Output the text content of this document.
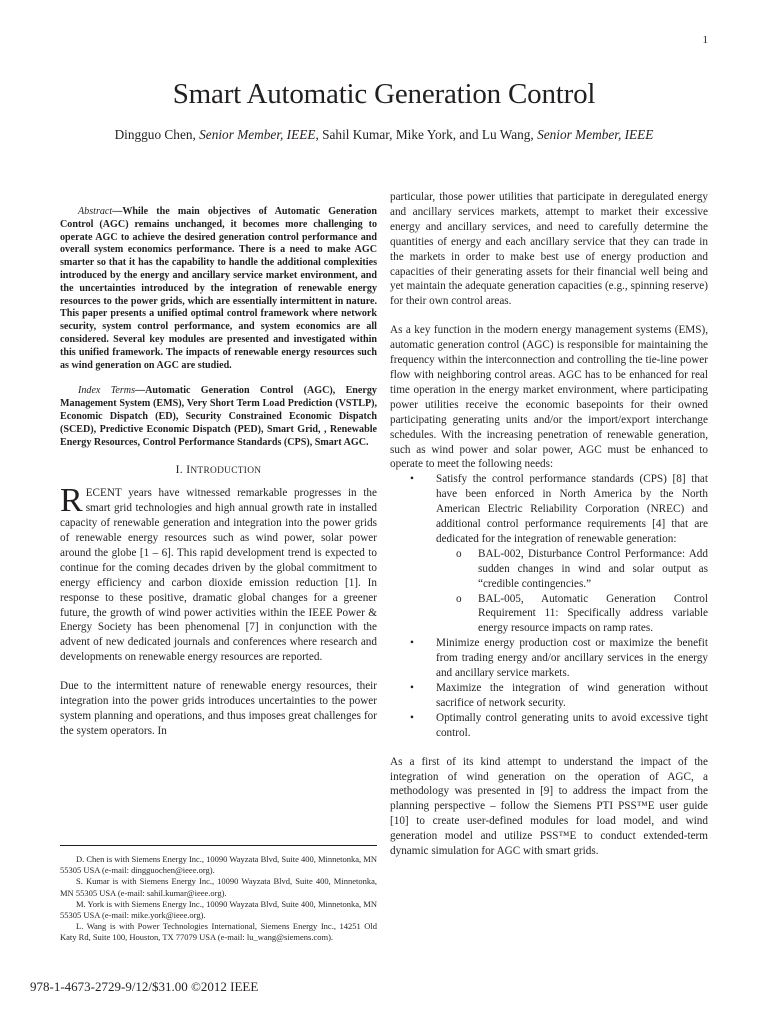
1
Smart Automatic Generation Control
Dingguo Chen, Senior Member, IEEE, Sahil Kumar, Mike York, and Lu Wang, Senior Member, IEEE

Abstract—While the main objectives of Automatic Generation Control (AGC) remains unchanged, it becomes more challenging to operate AGC to achieve the desired generation control performance and overall system economics performance. There is a need to make AGC smarter so that it has the capability to handle the additional complexities introduced by the energy and ancillary service market environment, and the uncertainties introduced by the integration of renewable energy resources to the power grids, which are essentially intermittent in nature. This paper presents a unified optimal control framework where network security, system control performance, and system economics are all considered. Several key modules are presented and investigated within this unified framework. The impacts of renewable energy resources such as wind generation on AGC are studied.

Index Terms—Automatic Generation Control (AGC), Energy Management System (EMS), Very Short Term Load Prediction (VSTLP), Economic Dispatch (ED), Security Constrained Economic Dispatch (SCED), Predictive Economic Dispatch (PED), Smart Grid, , Renewable Energy Resources, Control Performance Standards (CPS), Smart AGC.

I. INTRODUCTION

RECENT years have witnessed remarkable progresses in the smart grid technologies and high annual growth rate in installed capacity of renewable generation and integration into the power grids of renewable energy resources such as wind power, solar power around the globe [1 – 6]. This rapid development trend is expected to continue for the coming decades driven by the global commitment to energy efficiency and carbon dioxide emission reduction [1]. In response to these positive, dramatic global changes for a greener future, the growth of wind power activities within the IEEE Power & Energy Society has been phenomenal [7] in conjunction with the advent of new dedicated journals and conferences where research and developments on renewable energy resources are reported.

Due to the intermittent nature of renewable energy resources, their integration into the power grids introduces uncertainties to the power system planning and operations, and thus imposes great challenges for the system operators. In

D. Chen is with Siemens Energy Inc., 10090 Wayzata Blvd, Suite 400, Minnetonka, MN 55305 USA (e-mail: dingguochen@ieee.org).

S. Kumar is with Siemens Energy Inc., 10090 Wayzata Blvd, Suite 400, Minnetonka, MN 55305 USA (e-mail: sahil.kumar@ieee.org).

M. York is with Siemens Energy Inc., 10090 Wayzata Blvd, Suite 400, Minnetonka, MN 55305 USA (e-mail: mike.york@ieee.org).

L. Wang is with Power Technologies International, Siemens Energy Inc., 14251 Old Katy Rd, Suite 100, Houston, TX 77079 USA (e-mail: lu_wang@siemens.com).

978-1-4673-2729-9/12/$31.00 ©2012 IEEE

particular, those power utilities that participate in deregulated energy and ancillary services markets, attempt to market their excessive energy and ancillary services, and need to carefully determine the quantities of energy and each ancillary service that they can trade in the markets in order to make best use of energy production and capacities of their generating assets for their financial well being and yet maintain the adequate generation capacities (e.g., spinning reserve) for their own control areas.

As a key function in the modern energy management systems (EMS), automatic generation control (AGC) is responsible for maintaining the frequency within the interconnection and controlling the tie-line power flow with neighboring control areas. AGC has to be enhanced for real time operation in the energy market environment, where participating power utilities receive the economic basepoints for their owned participating generating units and/or the import/export interchange schedules. With the increasing penetration of renewable generation, such as wind power and solar power, AGC must be enhanced to operate to meet the following needs:

• Satisfy the control performance standards (CPS) [8] that have been enforced in North America by the North American Electric Reliability Corporation (NREC) and additional control performance requirements [4] that are dedicated for the integration of renewable generation:
o BAL-002, Disturbance Control Performance: Add sudden changes in wind and solar output as “credible contingencies.”
o BAL-005, Automatic Generation Control Requirement 11: Specifically address variable energy resource impacts on ramp rates.
• Minimize energy production cost or maximize the benefit from trading energy and/or ancillary services in the energy and ancillary service markets.
• Maximize the integration of wind generation without sacrifice of network security.
• Optimally control generating units to avoid excessive tight control.

As a first of its kind attempt to understand the impact of the integration of wind generation on the operation of AGC, a methodology was presented in [9] to address the impact from the planning perspective – follow the Siemens PTI PSS™E user guide [10] to create user-defined modules for load model, and wind generation model and utilize PSS™E to conduct extended-term dynamic simulation for AGC with smart grids.
